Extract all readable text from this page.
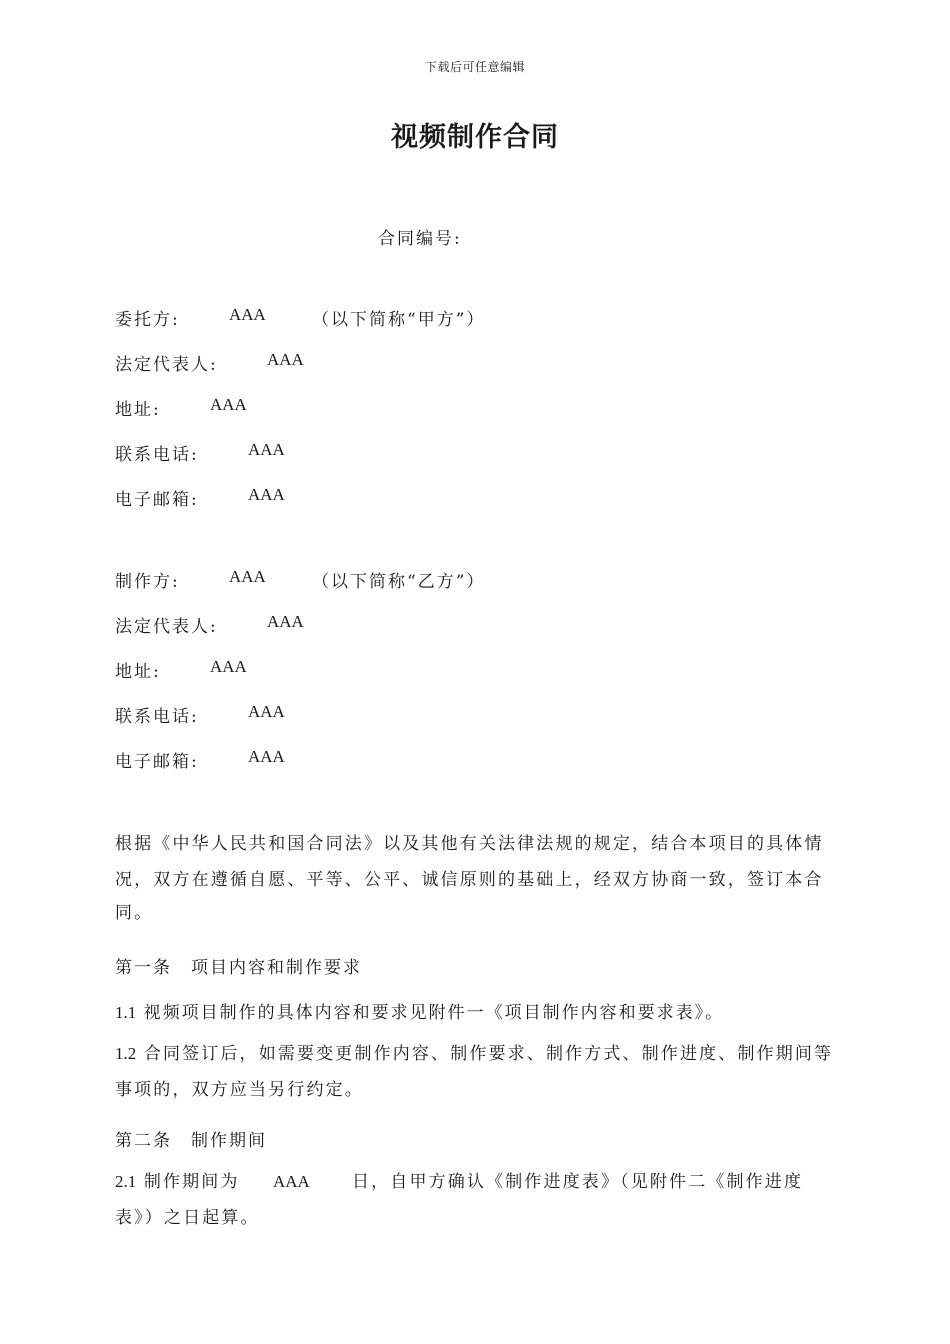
下载后可任意编辑
视频制作合同
合同编号:
委托方:	AAA	（以下简称“甲方”）
法定代表人:	AAA
地址:	AAA
联系电话:	AAA
电子邮箱:	AAA
制作方:	AAA	（以下简称“乙方”）
法定代表人:	AAA
地址:	AAA
联系电话:	AAA
电子邮箱:	AAA
根据《中华人民共和国合同法》以及其他有关法律法规的规定，结合本项目的具体情
况，双方在遵循自愿、平等、公平、诚信原则的基础上，经双方协商一致，签订本合
同。
第一条　项目内容和制作要求
1.1 视频项目制作的具体内容和要求见附件一《项目制作内容和要求表》。
1.2 合同签订后，如需要变更制作内容、制作要求、制作方式、制作进度、制作期间等
事项的，双方应当另行约定。
第二条　制作期间
2.1 制作期间为 AAA 日，自甲方确认《制作进度表》（见附件二《制作进度
表》）之日起算。
